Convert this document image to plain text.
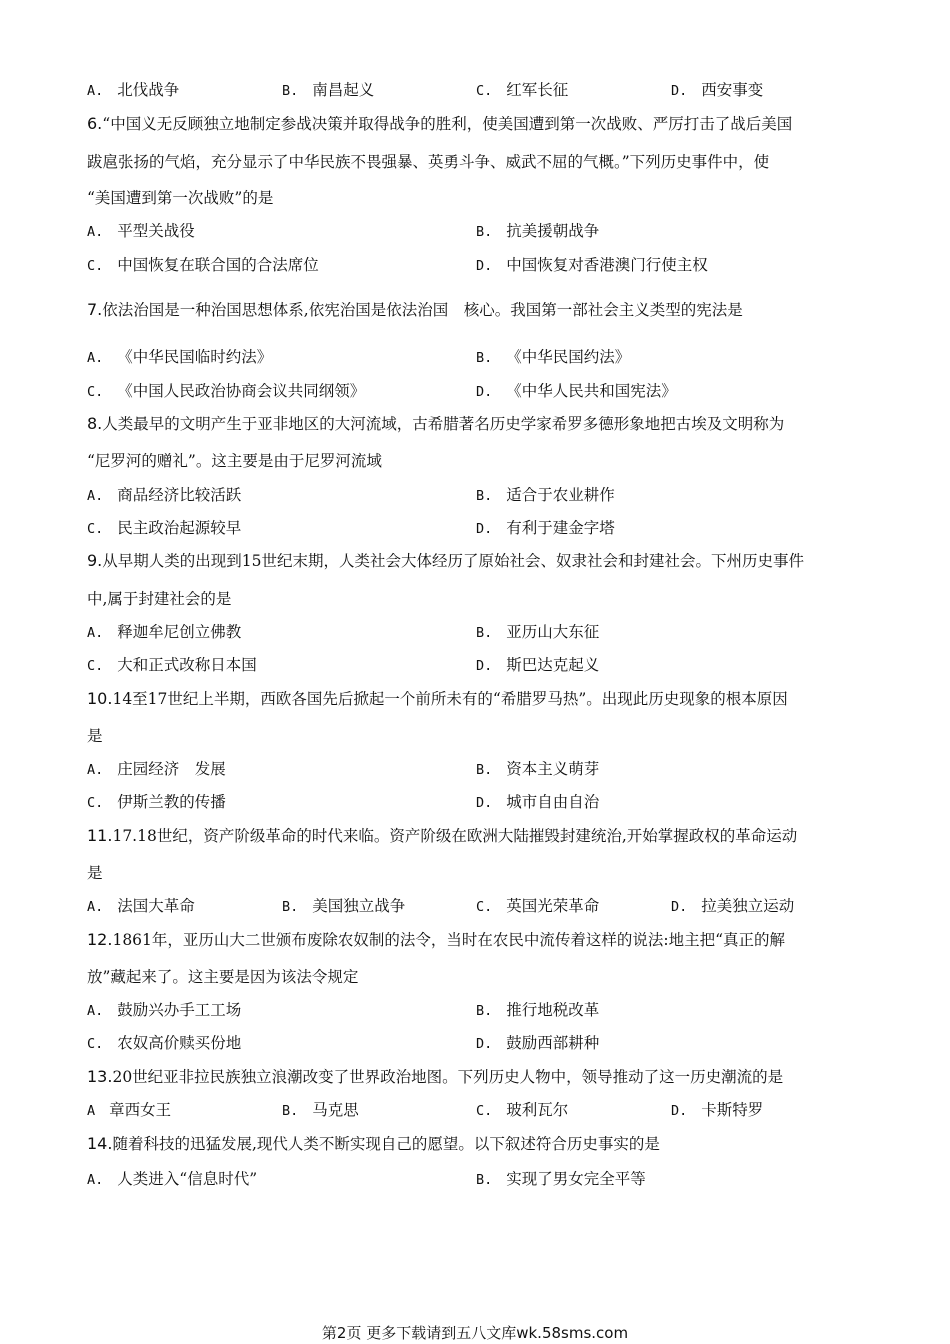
A. 北伐战争	B. 南昌起义	C. 红军长征	D. 西安事变
6.“中国义无反顾独立地制定参战决策并取得战争的胜利，使美国遭到第一次战败、严厉打击了战后美国
跋扈张扬的气焰，充分显示了中华民族不畏强暴、英勇斗争、威武不屈的气概。”下列历史事件中，使
“美国遭到第一次战败”的是
A. 平型关战役	B. 抗美援朝战争
C. 中国恢复在联合国的合法席位	D. 中国恢复对香港澳门行使主权
7.依法治国是一种治国思想体系,依宪治国是依法治国　核心。我国第一部社会主义类型的宪法是
A. 《中华民国临时约法》	B. 《中华民国约法》
C. 《中国人民政治协商会议共同纲领》	D. 《中华人民共和国宪法》
8.人类最早的文明产生于亚非地区的大河流域，古希腊著名历史学家希罗多德形象地把古埃及文明称为
“尼罗河的赠礼”。这主要是由于尼罗河流域
A. 商品经济比较活跃	B. 适合于农业耕作
C. 民主政治起源较早	D. 有利于建金字塔
9.从早期人类的出现到15世纪末期，人类社会大体经历了原始社会、奴隶社会和封建社会。下州历史事件
中,属于封建社会的是
A. 释迦牟尼创立佛教	B. 亚历山大东征
C. 大和正式改称日本国	D. 斯巴达克起义
10.14至17世纪上半期，西欧各国先后掀起一个前所未有的“希腊罗马热”。出现此历史现象的根本原因
是
A. 庄园经济　发展	B. 资本主义萌芽
C. 伊斯兰教的传播	D. 城市自由自治
11.17.18世纪，资产阶级革命的时代来临。资产阶级在欧洲大陆摧毁封建统治,开始掌握政权的革命运动
是
A. 法国大革命	B. 美国独立战争	C. 英国光荣革命	D. 拉美独立运动
12.1861年，亚历山大二世颁布废除农奴制的法令，当时在农民中流传着这样的说法:地主把“真正的解
放”藏起来了。这主要是因为该法令规定
A. 鼓励兴办手工工场	B. 推行地税改革
C. 农奴高价赎买份地	D. 鼓励西部耕种
13.20世纪亚非拉民族独立浪潮改变了世界政治地图。下列历史人物中，领导推动了这一历史潮流的是
A 章西女王	B. 马克思	C. 玻利瓦尔	D. 卡斯特罗
14.随着科技的迅猛发展,现代人类不断实现自己的愿望。以下叙述符合历史事实的是
A. 人类进入“信息时代”	B. 实现了男女完全平等
第2页 更多下载请到五八文库wk.58sms.com
